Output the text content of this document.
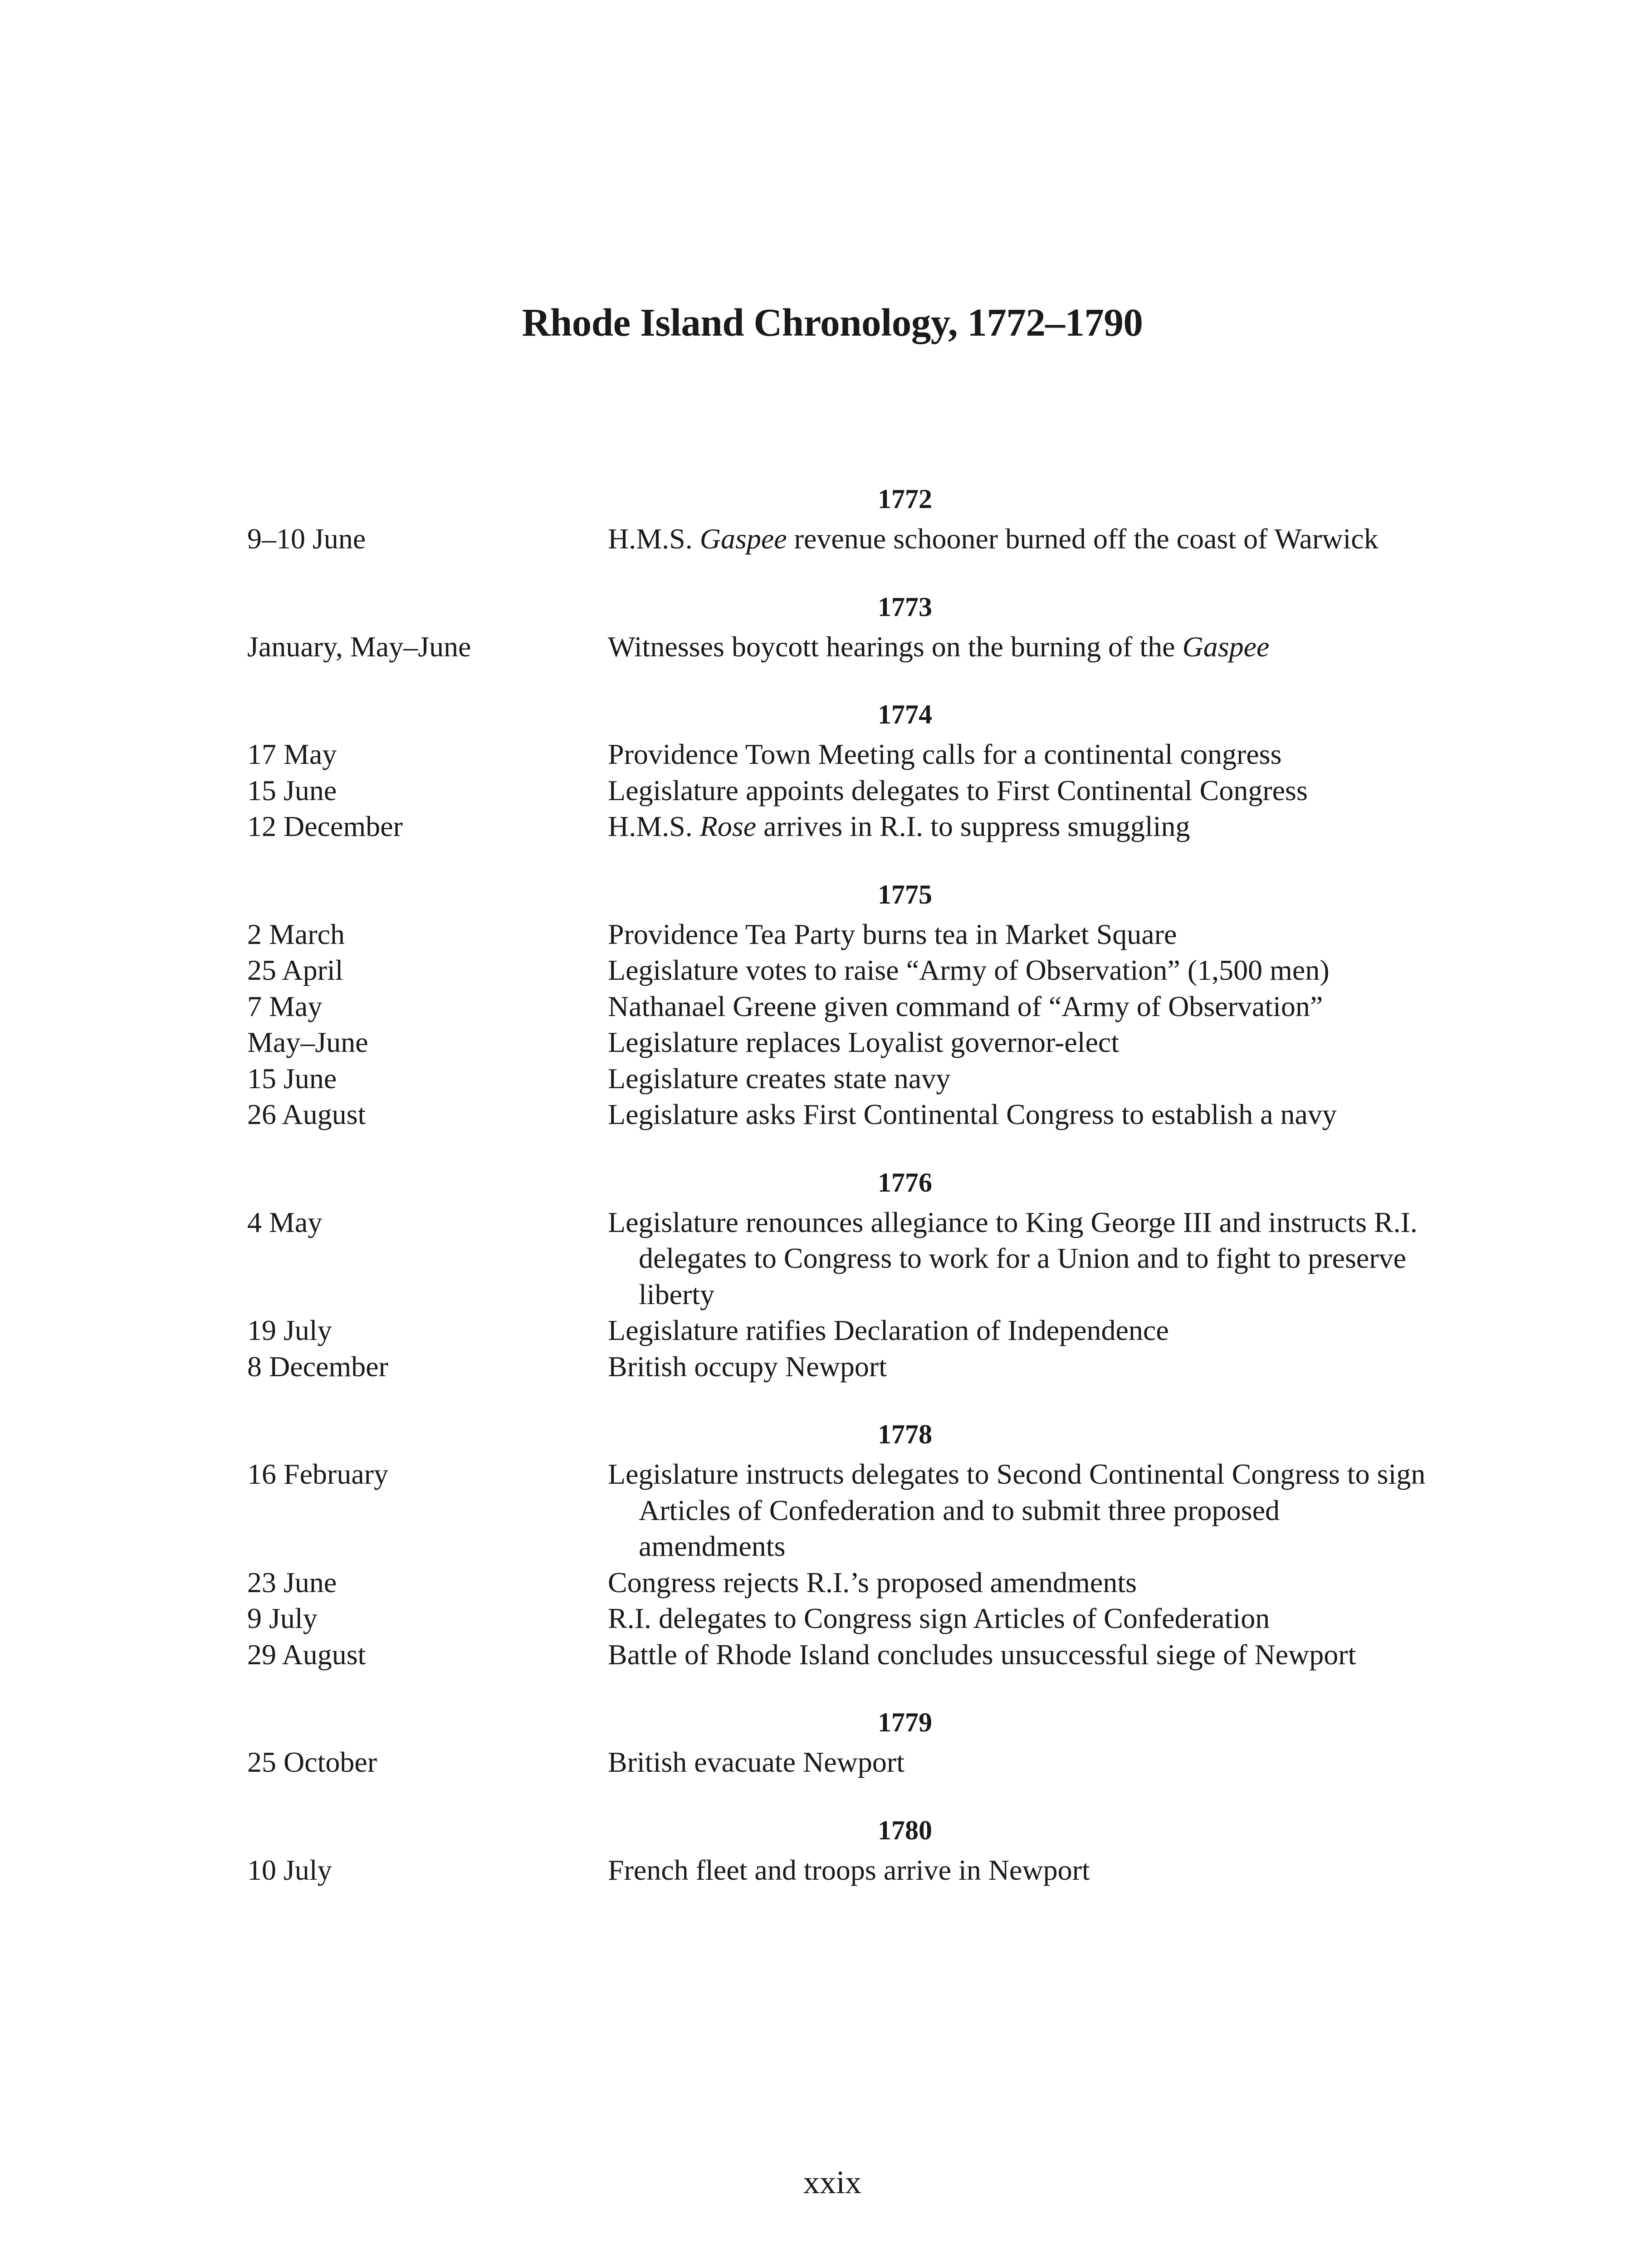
Rhode Island Chronology, 1772–1790
1772
9–10 June	H.M.S. Gaspee revenue schooner burned off the coast of Warwick
1773
January, May–June	Witnesses boycott hearings on the burning of the Gaspee
1774
17 May	Providence Town Meeting calls for a continental congress
15 June	Legislature appoints delegates to First Continental Congress
12 December	H.M.S. Rose arrives in R.I. to suppress smuggling
1775
2 March	Providence Tea Party burns tea in Market Square
25 April	Legislature votes to raise “Army of Observation” (1,500 men)
7 May	Nathanael Greene given command of “Army of Observation”
May–June	Legislature replaces Loyalist governor-elect
15 June	Legislature creates state navy
26 August	Legislature asks First Continental Congress to establish a navy
1776
4 May	Legislature renounces allegiance to King George III and instructs R.I. delegates to Congress to work for a Union and to fight to preserve liberty
19 July	Legislature ratifies Declaration of Independence
8 December	British occupy Newport
1778
16 February	Legislature instructs delegates to Second Continental Congress to sign Articles of Confederation and to submit three proposed amendments
23 June	Congress rejects R.I.’s proposed amendments
9 July	R.I. delegates to Congress sign Articles of Confederation
29 August	Battle of Rhode Island concludes unsuccessful siege of Newport
1779
25 October	British evacuate Newport
1780
10 July	French fleet and troops arrive in Newport
xxix
